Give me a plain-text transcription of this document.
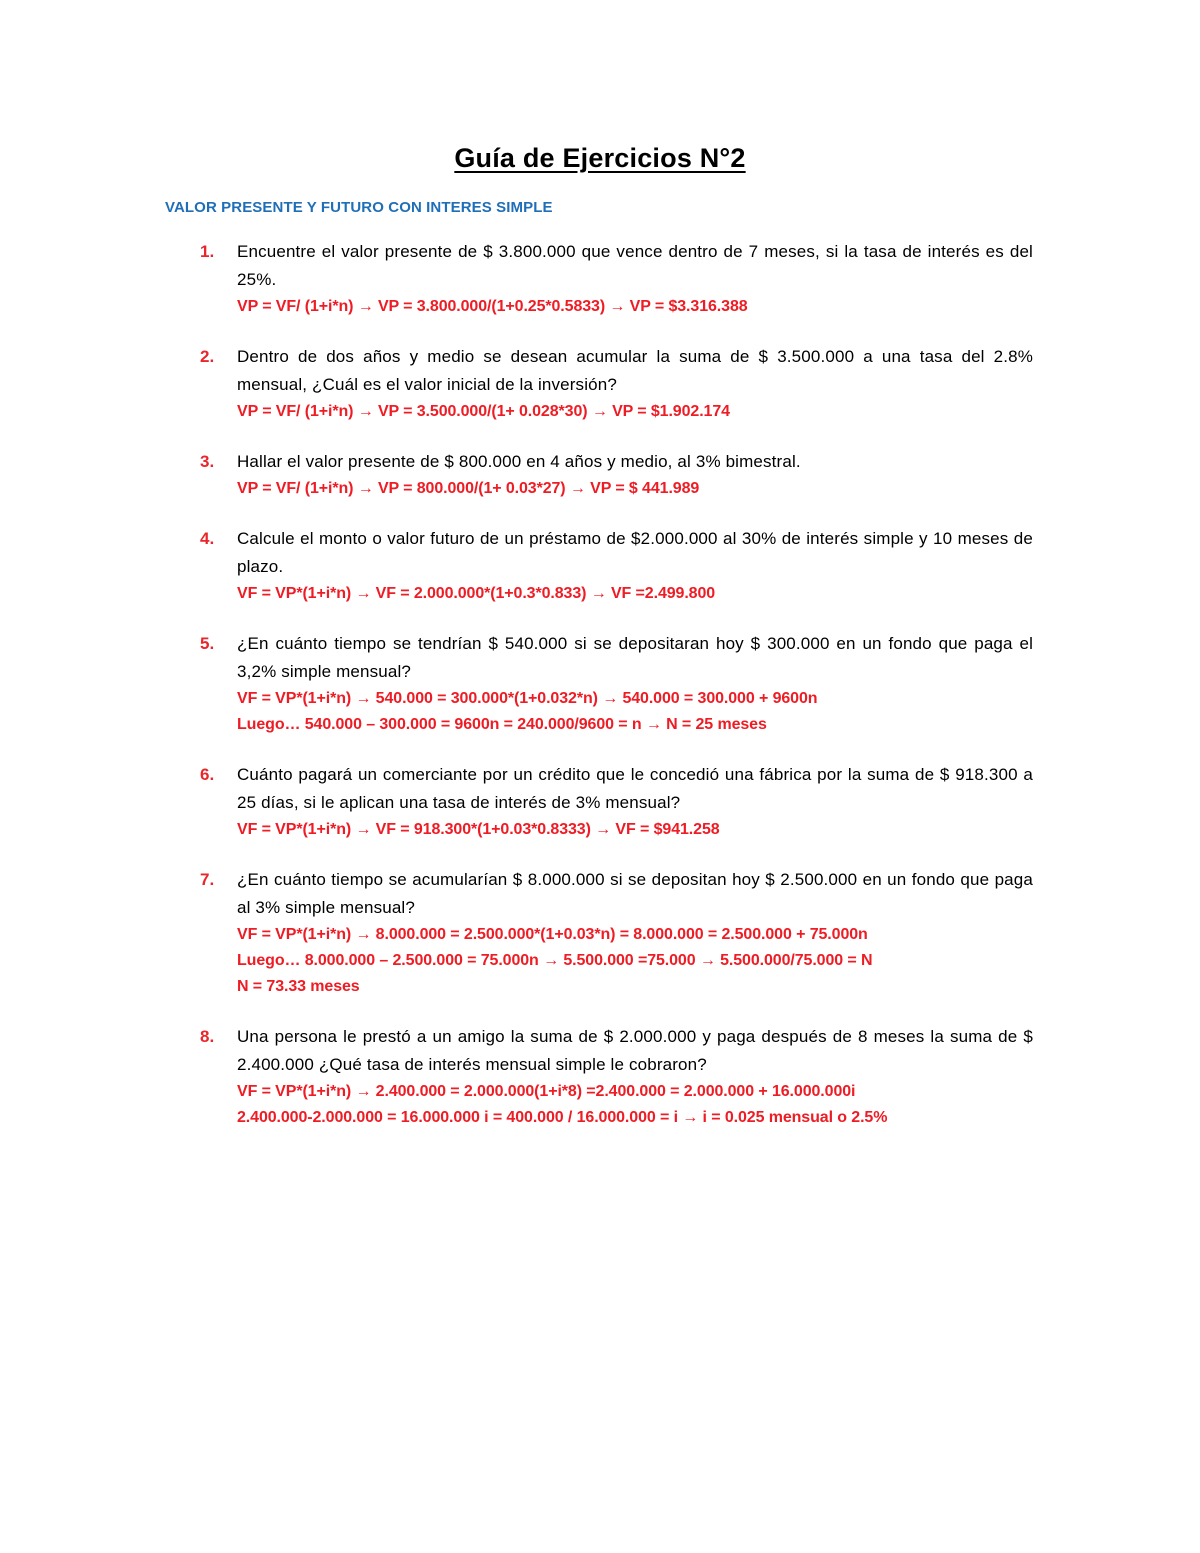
Guía de Ejercicios N°2
VALOR PRESENTE Y FUTURO CON INTERES SIMPLE
1. Encuentre el valor presente de $ 3.800.000 que vence dentro de 7 meses, si la tasa de interés es del 25%.
VP = VF/ (1+i*n) → VP = 3.800.000/(1+0.25*0.5833) → VP = $3.316.388
2. Dentro de dos años y medio se desean acumular la suma de $ 3.500.000 a una tasa del 2.8% mensual, ¿Cuál es el valor inicial de la inversión?
VP = VF/ (1+i*n) → VP = 3.500.000/(1+ 0.028*30) → VP = $1.902.174
3. Hallar el valor presente de $ 800.000 en 4 años y medio, al 3% bimestral.
VP = VF/ (1+i*n) → VP = 800.000/(1+ 0.03*27) → VP = $ 441.989
4. Calcule el monto o valor futuro de un préstamo de $2.000.000 al 30% de interés simple y 10 meses de plazo.
VF = VP*(1+i*n) → VF = 2.000.000*(1+0.3*0.833) → VF =2.499.800
5. ¿En cuánto tiempo se tendrían $ 540.000 si se depositaran hoy $ 300.000 en un fondo que paga el 3,2% simple mensual?
VF = VP*(1+i*n) → 540.000 = 300.000*(1+0.032*n) → 540.000 = 300.000 + 9600n
Luego… 540.000 – 300.000 = 9600n = 240.000/9600 = n → N = 25 meses
6. Cuánto pagará un comerciante por un crédito que le concedió una fábrica por la suma de $ 918.300 a 25 días, si le aplican una tasa de interés de 3% mensual?
VF = VP*(1+i*n) → VF = 918.300*(1+0.03*0.8333) → VF = $941.258
7. ¿En cuánto tiempo se acumularían $ 8.000.000 si se depositan hoy $ 2.500.000 en un fondo que paga al 3% simple mensual?
VF = VP*(1+i*n) → 8.000.000 = 2.500.000*(1+0.03*n) = 8.000.000 = 2.500.000 + 75.000n
Luego… 8.000.000 – 2.500.000 = 75.000n → 5.500.000 =75.000 → 5.500.000/75.000 = N
N = 73.33 meses
8. Una persona le prestó a un amigo la suma de $ 2.000.000 y paga después de 8 meses la suma de $ 2.400.000 ¿Qué tasa de interés mensual simple le cobraron?
VF = VP*(1+i*n) → 2.400.000 = 2.000.000(1+i*8) =2.400.000 = 2.000.000 + 16.000.000i
2.400.000-2.000.000 = 16.000.000 i = 400.000 / 16.000.000 = i → i = 0.025 mensual o 2.5%
